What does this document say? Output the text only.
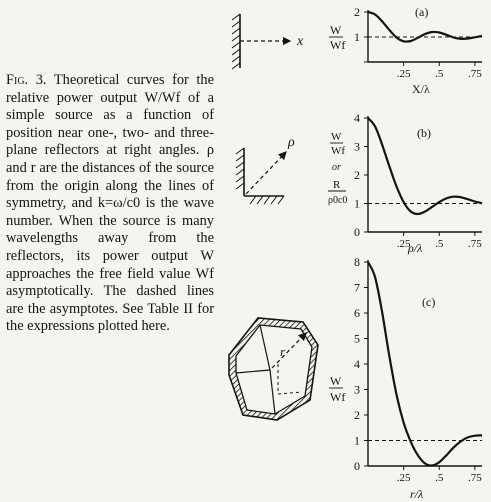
Fig. 3. Theoretical curves for the relative power output W/Wf of a simple source as a function of position near one-, two- and three-plane reflectors at right angles. ρ and r are the distances of the source from the origin along the lines of symmetry, and k=ω/c0 is the wave number. When the source is many wavelengths away from the reflectors, its power output W approaches the free field value Wf asymptotically. The dashed lines are the asymptotes. See Table II for the expressions plotted here.
x
ρ
r
(a)
W
Wf
X/λ
(b)
W
Wf
or
R
ρ0c0
ρ/λ
(c)
W
Wf
r/λ
1
2
.25 .5 .75
0
1
2
3
4
.25 .5 .75
0
1
2
3
4
5
6
7
8
.25 .5 .75
